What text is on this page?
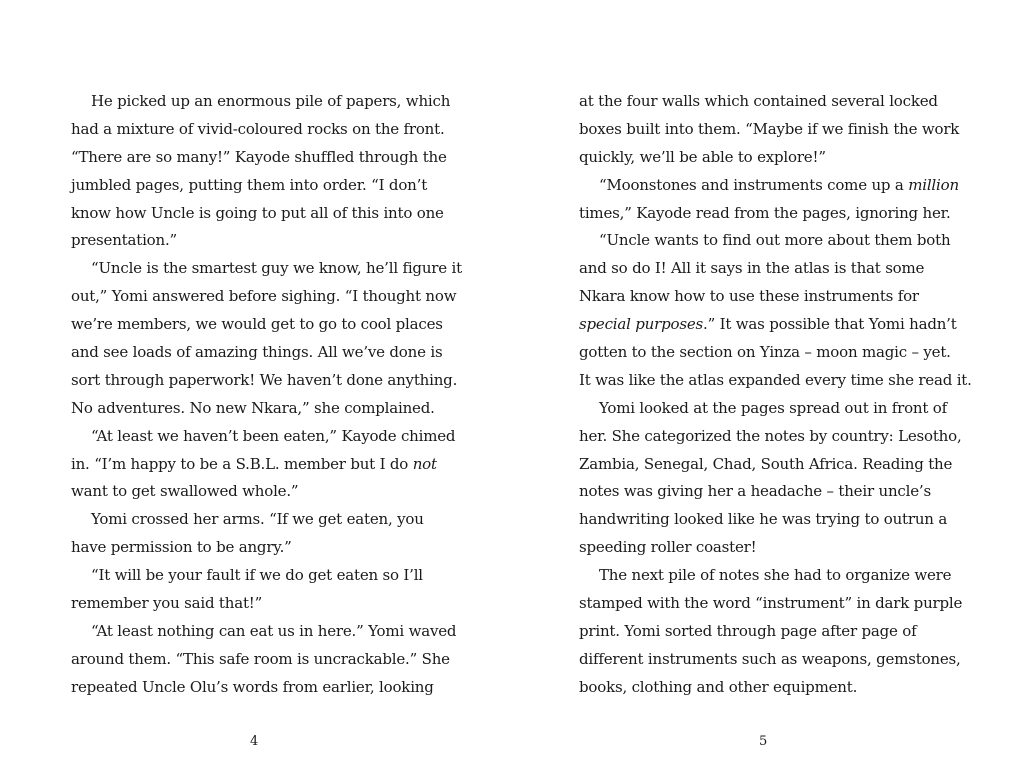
He picked up an enormous pile of papers, which
had a mixture of vivid-coloured rocks on the front.
“There are so many!” Kayode shuffled through the
jumbled pages, putting them into order. “I don’t
know how Uncle is going to put all of this into one
presentation.”
“Uncle is the smartest guy we know, he’ll figure it
out,” Yomi answered before sighing. “I thought now
we’re members, we would get to go to cool places
and see loads of amazing things. All we’ve done is
sort through paperwork! We haven’t done anything.
No adventures. No new Nkara,” she complained.
“At least we haven’t been eaten,” Kayode chimed
in. “I’m happy to be a S.B.L. member but I do not
want to get swallowed whole.”
Yomi crossed her arms. “If we get eaten, you
have permission to be angry.”
“It will be your fault if we do get eaten so I’ll
remember you said that!”
“At least nothing can eat us in here.” Yomi waved
around them. “This safe room is uncrackable.” She
repeated Uncle Olu’s words from earlier, looking
4
at the four walls which contained several locked
boxes built into them. “Maybe if we finish the work
quickly, we’ll be able to explore!”
“Moonstones and instruments come up a million
times,” Kayode read from the pages, ignoring her.
“Uncle wants to find out more about them both
and so do I! All it says in the atlas is that some
Nkara know how to use these instruments for
special purposes.” It was possible that Yomi hadn’t
gotten to the section on Yinza – moon magic – yet.
It was like the atlas expanded every time she read it.
Yomi looked at the pages spread out in front of
her. She categorized the notes by country: Lesotho,
Zambia, Senegal, Chad, South Africa. Reading the
notes was giving her a headache – their uncle’s
handwriting looked like he was trying to outrun a
speeding roller coaster!
The next pile of notes she had to organize were
stamped with the word “instrument” in dark purple
print. Yomi sorted through page after page of
different instruments such as weapons, gemstones,
books, clothing and other equipment.
5
